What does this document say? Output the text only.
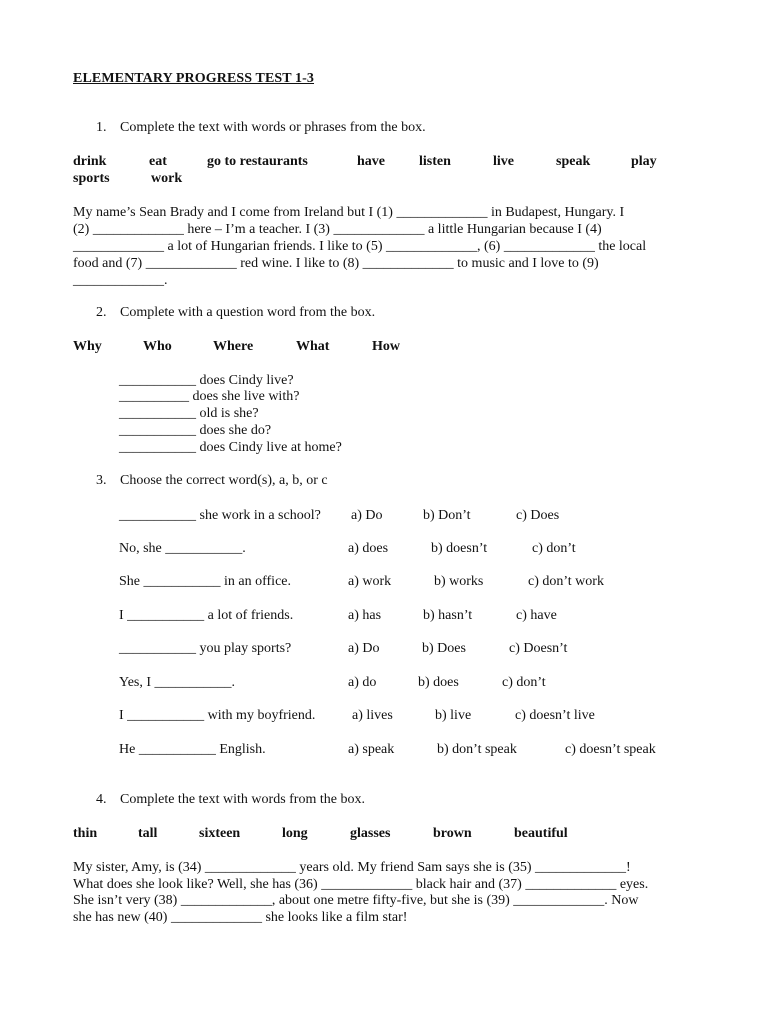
ELEMENTARY PROGRESS TEST 1-3
1. Complete the text with words or phrases from the box.
drink	eat	go to restaurants	have listen	live	speak	play
sports	work
My name’s Sean Brady and I come from Ireland but I (1) _____________ in Budapest, Hungary. I
(2) _____________ here – I’m a teacher. I (3) _____________ a little Hungarian because I (4)
_____________ a lot of Hungarian friends. I like to (5) _____________, (6) _____________ the local
food and (7) _____________ red wine. I like to (8) _____________ to music and I love to (9)
_____________.
2. Complete with a question word from the box.
Why	Who	Where	What	How
___________ does Cindy live?
__________ does she live with?
___________ old is she?
___________ does she do?
___________ does Cindy live at home?
3. Choose the correct word(s), a, b, or c
___________ she work in a school? a) Do	b) Don’t	c) Does
No, she ___________.	a) does	b) doesn’t	c) don’t
She ___________ in an office.	a) work	b) works	c) don’t work
I ___________ a lot of friends.	a) has	b) hasn’t	c) have
___________ you play sports?	a) Do	b) Does	c) Doesn’t
Yes, I ___________.	a) do	b) does	c) don’t
I ___________ with my boyfriend.	a) lives	b) live	c) doesn’t live
He ___________ English.	a) speak	b) don’t speak	c) doesn’t speak
4. Complete the text with words from the box.
thin	tall	sixteen	long	glasses	brown	beautiful
My sister, Amy, is (34) _____________ years old. My friend Sam says she is (35) _____________!
What does she look like? Well, she has (36) _____________ black hair and (37) _____________ eyes.
She isn’t very (38) _____________, about one metre fifty-five, but she is (39) _____________. Now
she has new (40) _____________ she looks like a film star!
